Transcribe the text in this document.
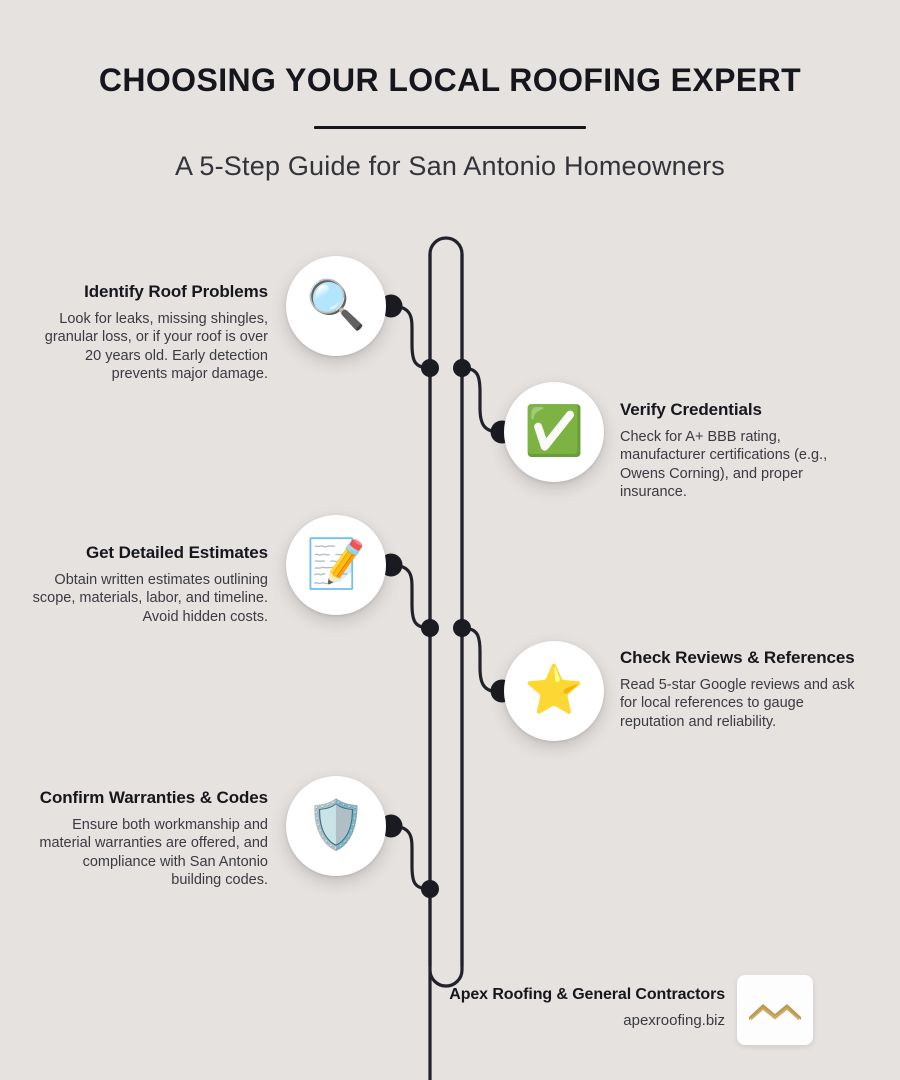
CHOOSING YOUR LOCAL ROOFING EXPERT
A 5-Step Guide for San Antonio Homeowners
🔍
✅
📝
⭐
🛡️
Identify Roof Problems
Look for leaks, missing shingles, granular loss, or if your roof is over 20 years old. Early detection prevents major damage.
Verify Credentials
Check for A+ BBB rating, manufacturer certifications (e.g., Owens Corning), and proper insurance.
Get Detailed Estimates
Obtain written estimates outlining scope, materials, labor, and timeline. Avoid hidden costs.
Check Reviews & References
Read 5-star Google reviews and ask for local references to gauge reputation and reliability.
Confirm Warranties & Codes
Ensure both workmanship and material warranties are offered, and compliance with San Antonio building codes.
Apex Roofing & General Contractors
apexroofing.biz
